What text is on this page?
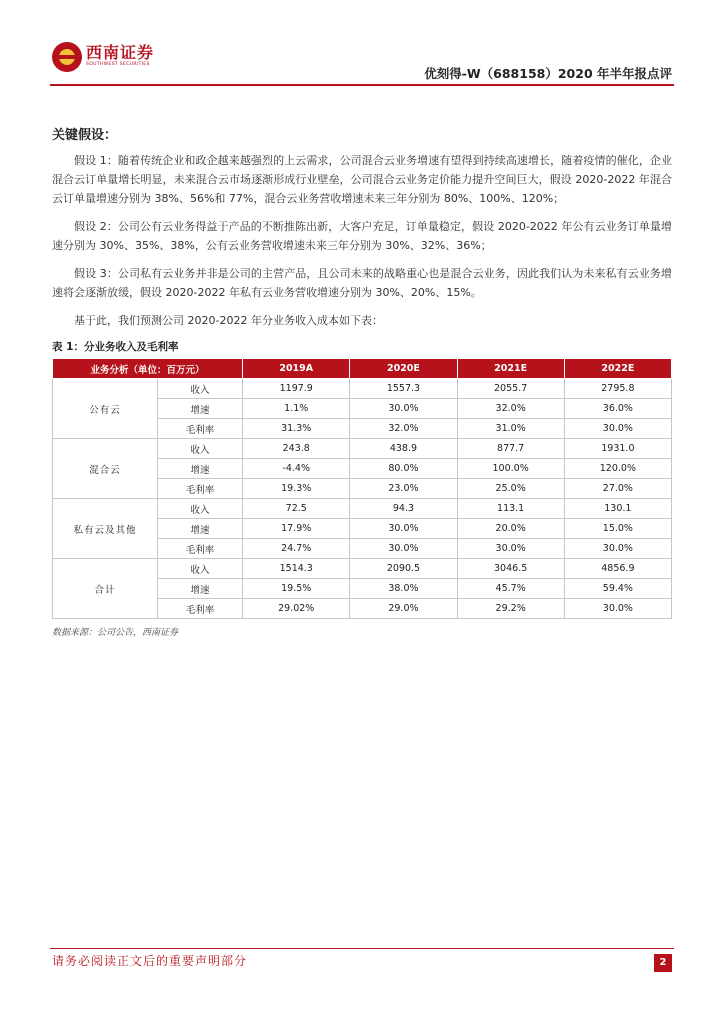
西南证券
SOUTHWEST SECURITIES
优刻得-W（688158）2020 年半年报点评
关键假设：

假设 1：随着传统企业和政企越来越强烈的上云需求，公司混合云业务增速有望得到持续高速增长，随着疫情的催化，企业混合云订单量增长明显，未来混合云市场逐渐形成行业壁垒，公司混合云业务定价能力提升空间巨大，假设 2020-2022 年混合云订单量增速分别为 38%、56%和 77%，混合云业务营收增速未来三年分别为 80%、100%、120%；

假设 2：公司公有云业务得益于产品的不断推陈出新，大客户充足，订单量稳定，假设 2020-2022 年公有云业务订单量增速分别为 30%、35%、38%，公有云业务营收增速未来三年分别为 30%、32%、36%；

假设 3：公司私有云业务并非是公司的主营产品，且公司未来的战略重心也是混合云业务，因此我们认为未来私有云业务增速将会逐渐放缓，假设 2020-2022 年私有云业务营收增速分别为 30%、20%、15%。

基于此，我们预测公司 2020-2022 年分业务收入成本如下表：

表 1：分业务收入及毛利率
业务分析（单位：百万元）		2019A	2020E	2021E	2022E
公有云	收入	1197.9	1557.3	2055.7	2795.8
	增速	1.1%	30.0%	32.0%	36.0%
	毛利率	31.3%	32.0%	31.0%	30.0%
混合云	收入	243.8	438.9	877.7	1931.0
	增速	-4.4%	80.0%	100.0%	120.0%
	毛利率	19.3%	23.0%	25.0%	27.0%
私有云及其他	收入	72.5	94.3	113.1	130.1
	增速	17.9%	30.0%	20.0%	15.0%
	毛利率	24.7%	30.0%	30.0%	30.0%
合计	收入	1514.3	2090.5	3046.5	4856.9
	增速	19.5%	38.0%	45.7%	59.4%
	毛利率	29.02%	29.0%	29.2%	30.0%
数据来源：公司公告，西南证券
请务必阅读正文后的重要声明部分	2
